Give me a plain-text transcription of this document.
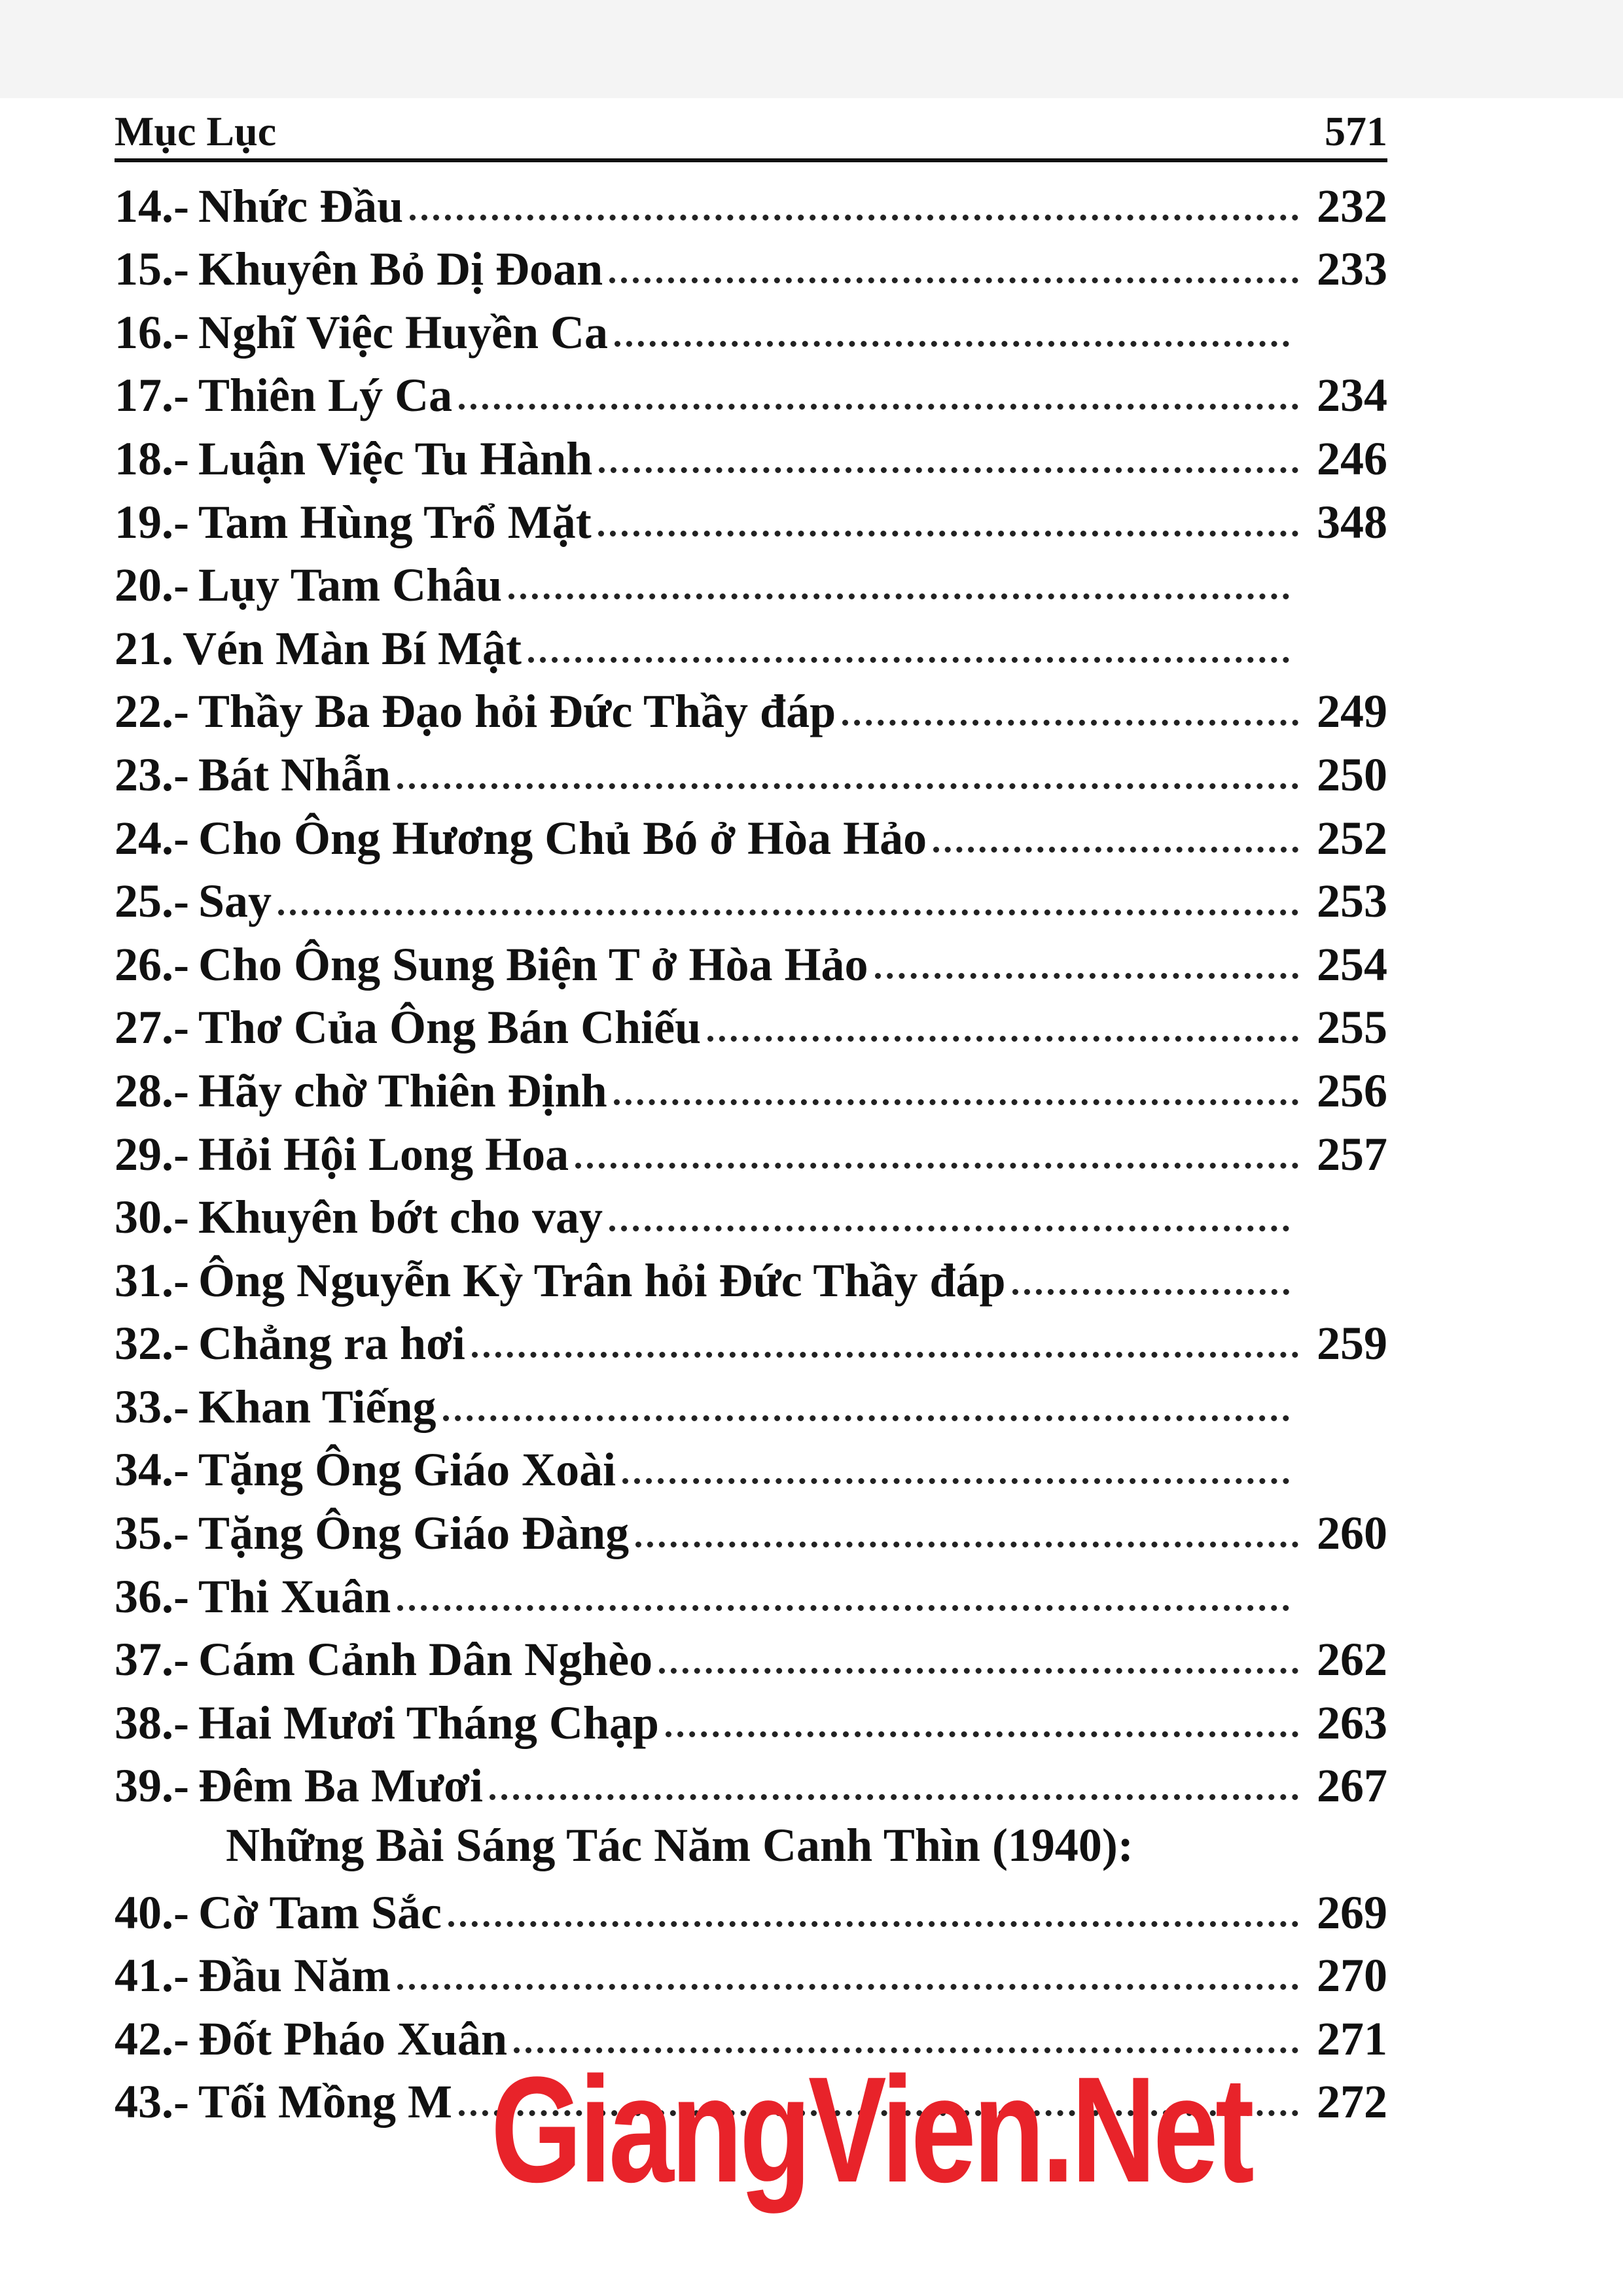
Mục Lục	571
14.- Nhức Đầu	232
15.- Khuyên Bỏ Dị Đoan	233
16.- Nghĩ Việc Huyền Ca
17.- Thiên Lý Ca	234
18.- Luận Việc Tu Hành	246
19.- Tam Hùng Trổ Mặt	348
20.- Lụy Tam Châu
21. Vén Màn Bí Mật
22.- Thầy Ba Đạo hỏi Đức Thầy đáp	249
23.- Bát Nhẫn	250
24.- Cho Ông Hương Chủ Bó ở Hòa Hảo	252
25.- Say	253
26.- Cho Ông Sung Biện T ở Hòa Hảo	254
27.- Thơ Của Ông Bán Chiếu	255
28.- Hãy chờ Thiên Định	256
29.- Hỏi Hội Long Hoa	257
30.- Khuyên bớt cho vay
31.- Ông Nguyễn Kỳ Trân hỏi Đức Thầy đáp
32.- Chẳng ra hơi	259
33.- Khan Tiếng
34.- Tặng Ông Giáo Xoài
35.- Tặng Ông Giáo Đàng	260
36.- Thi Xuân
37.- Cám Cảnh Dân Nghèo	262
38.- Hai Mươi Tháng Chạp	263
39.- Đêm Ba Mươi	267
Những Bài Sáng Tác Năm Canh Thìn (1940):
40.- Cờ Tam Sắc	269
41.- Đầu Năm	270
42.- Đốt Pháo Xuân	271
43.- Tối Mồng M	272
GiangVien.Net
